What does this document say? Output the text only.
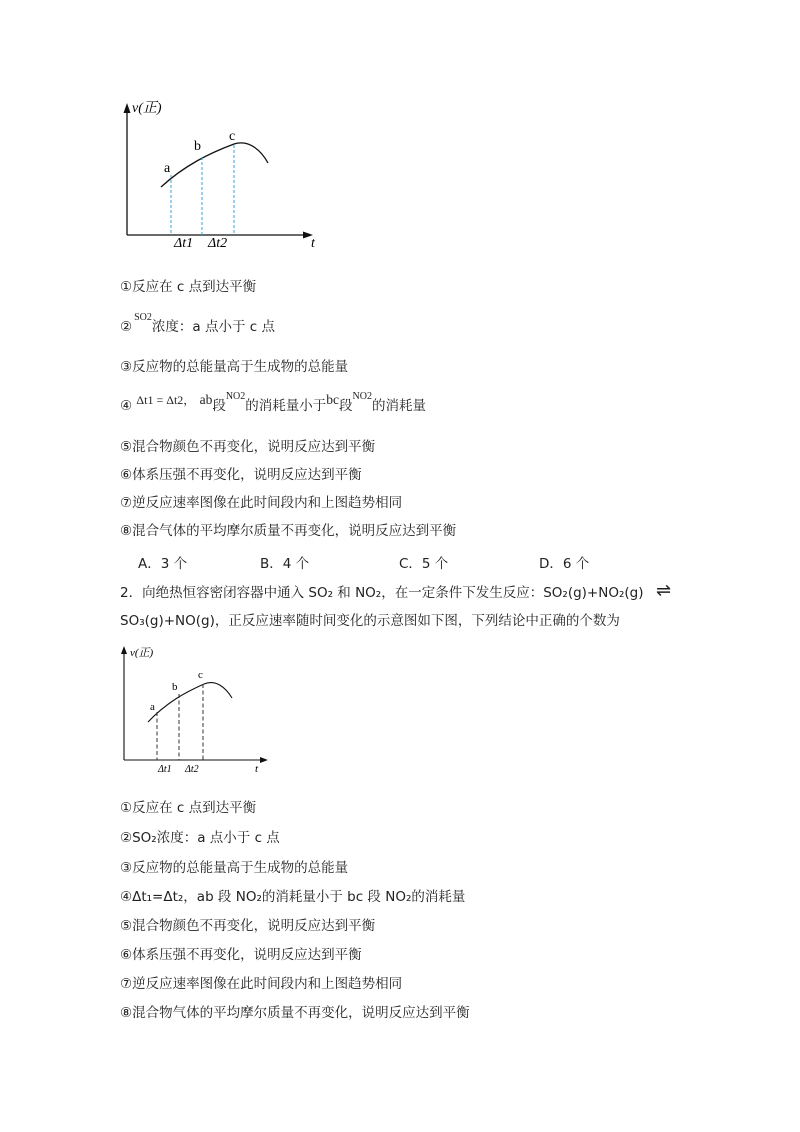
v(正)
t
a
b
c
Δt1 Δt2
①反应在 c 点到达平衡
②$^{SO2}$浓度：a 点小于 c 点
③反应物的总能量高于生成物的总能量
④ Δt1 = Δt2， ab段$^{NO2}$的消耗量小于bc段$^{NO2}$的消耗量
⑤混合物颜色不再变化，说明反应达到平衡
⑥体系压强不再变化，说明反应达到平衡
⑦逆反应速率图像在此时间段内和上图趋势相同
⑧混合气体的平均摩尔质量不再变化，说明反应达到平衡
A．3 个	B．4 个	C．5 个	D．6 个
2．向绝热恒容密闭容器中通入 SO₂ 和 NO₂，在一定条件下发生反应：SO₂(g)+NO₂(g) ⇌
SO₃(g)+NO(g)，正反应速率随时间变化的示意图如下图，下列结论中正确的个数为
v(正)
t
a
b
c
Δt1 Δt2
①反应在 c 点到达平衡
②SO₂浓度：a 点小于 c 点
③反应物的总能量高于生成物的总能量
④Δt₁=Δt₂，ab 段 NO₂的消耗量小于 bc 段 NO₂的消耗量
⑤混合物颜色不再变化，说明反应达到平衡
⑥体系压强不再变化，说明反应达到平衡
⑦逆反应速率图像在此时间段内和上图趋势相同
⑧混合物气体的平均摩尔质量不再变化，说明反应达到平衡
